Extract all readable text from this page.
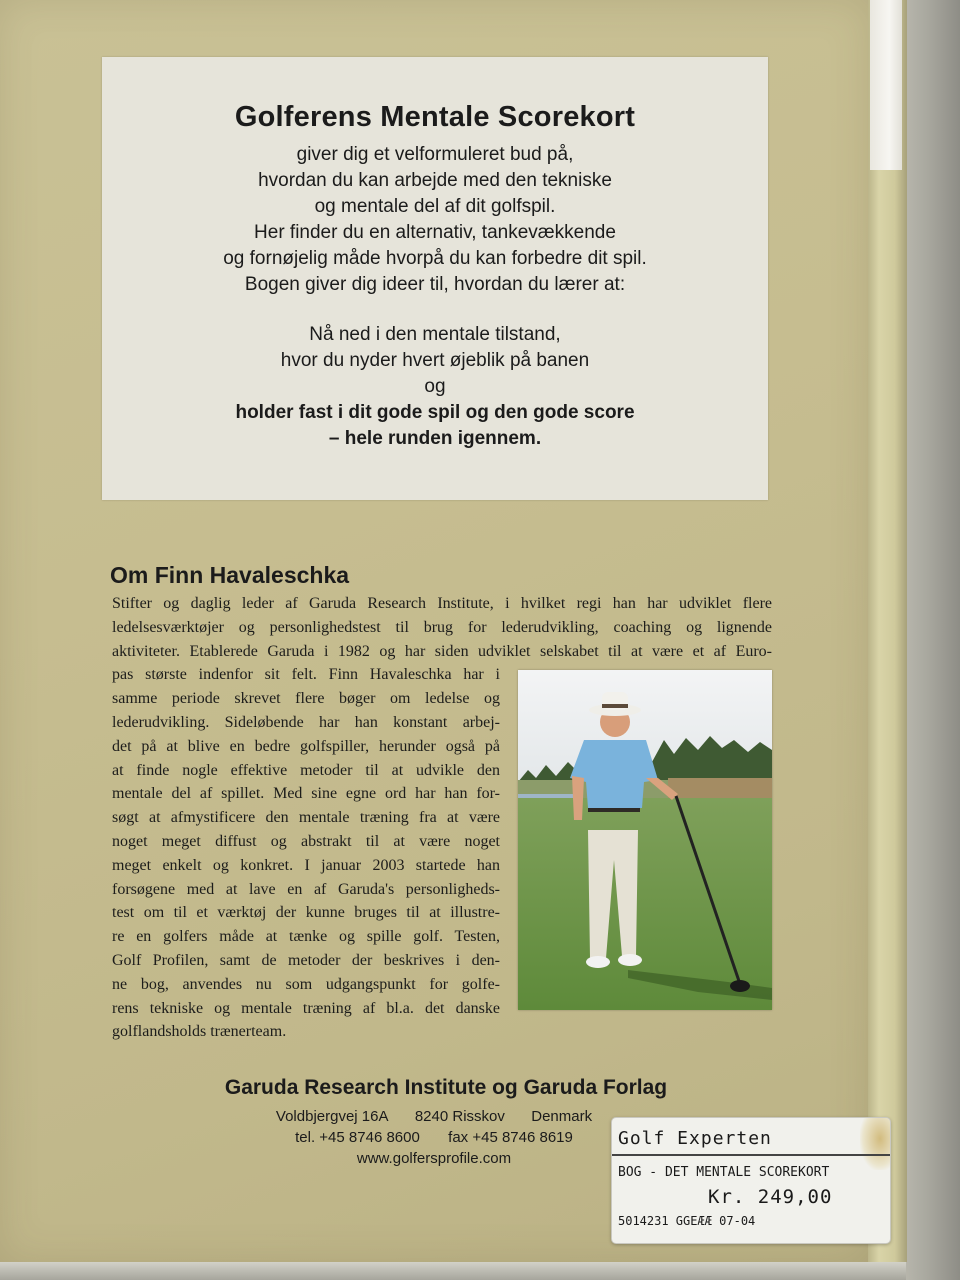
Golferens Mentale Scorekort
giver dig et velformuleret bud på,
hvordan du kan arbejde med den tekniske
og mentale del af dit golfspil.
Her finder du en alternativ, tankevækkende
og fornøjelig måde hvorpå du kan forbedre dit spil.
Bogen giver dig ideer til, hvordan du lærer at:
Nå ned i den mentale tilstand,
hvor du nyder hvert øjeblik på banen
og
holder fast i dit gode spil og den gode score
– hele runden igennem.
Om Finn Havaleschka
Stifter og daglig leder af Garuda Research Institute, i hvilket regi han har udviklet flere
ledelsesværktøjer og personlighedstest til brug for lederudvikling, coaching og lignende
aktiviteter. Etablerede Garuda i 1982 og har siden udviklet selskabet til at være et af Euro-
pas største indenfor sit felt. Finn Havaleschka har i
samme periode skrevet flere bøger om ledelse og
lederudvikling. Sideløbende har han konstant arbej-
det på at blive en bedre golfspiller, herunder også på
at finde nogle effektive metoder til at udvikle den
mentale del af spillet. Med sine egne ord har han for-
søgt at afmystificere den mentale træning fra at være
noget meget diffust og abstrakt til at være noget
meget enkelt og konkret. I januar 2003 startede han
forsøgene med at lave en af Garuda's personligheds-
test om til et værktøj der kunne bruges til at illustre-
re en golfers måde at tænke og spille golf. Testen,
Golf Profilen, samt de metoder der beskrives i den-
ne bog, anvendes nu som udgangspunkt for golfe-
rens tekniske og mentale træning af bl.a. det danske
golflandsholds trænerteam.
Garuda Research Institute og Garuda Forlag
Voldbjergvej 16A 8240 Risskov Denmark
tel. +45 8746 8600 fax +45 8746 8619
www.golfersprofile.com
Golf Experten
BOG - DET MENTALE SCOREKORT
Kr. 249,00
5014231 GGEÆÆ 07-04
